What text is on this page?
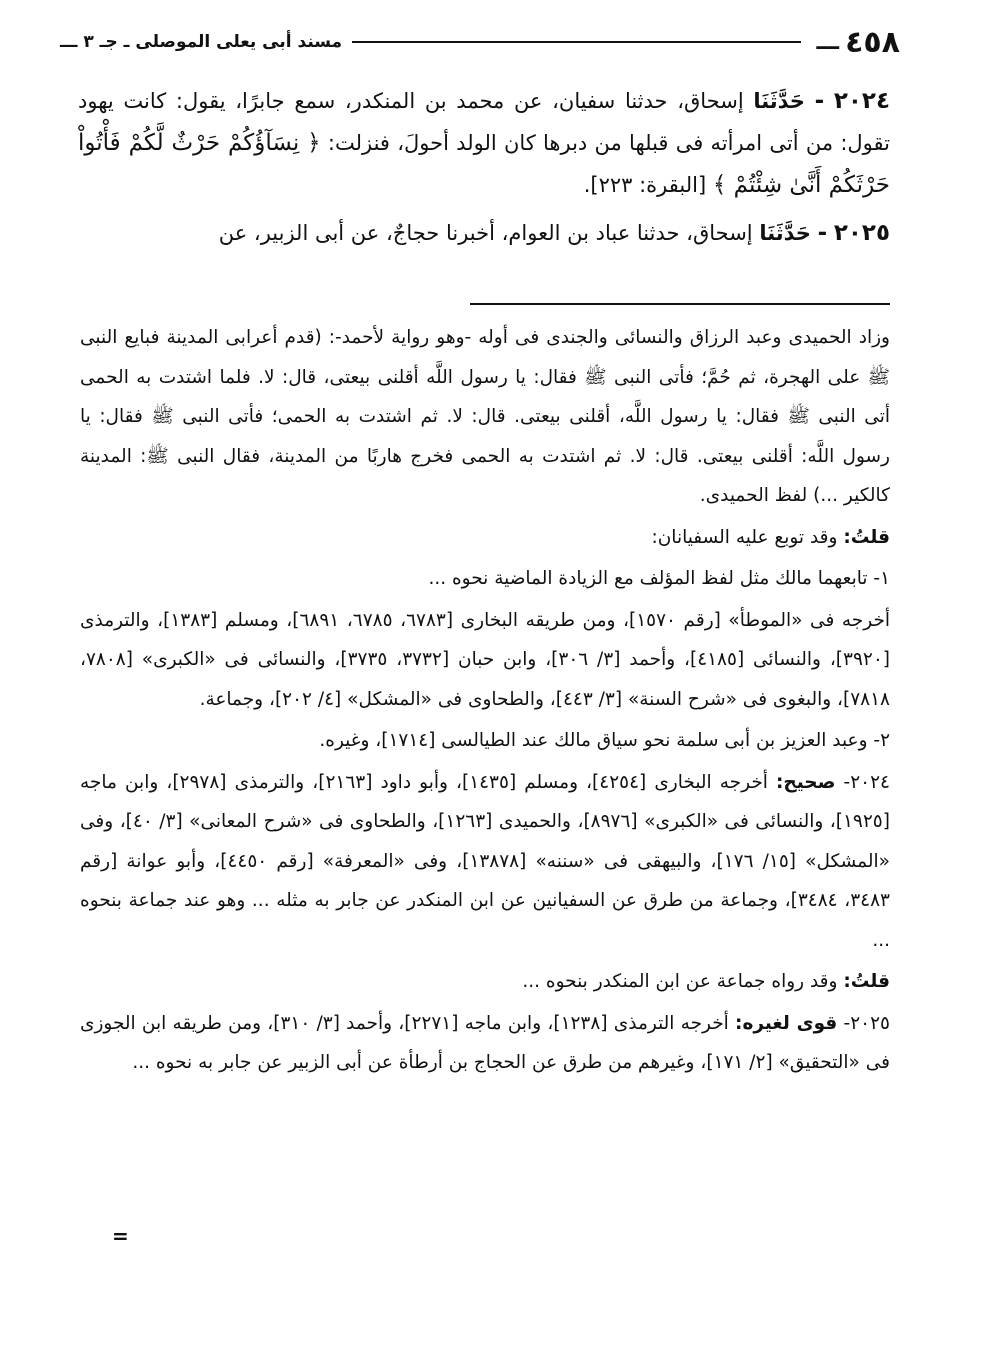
٤٥٨
ـــ
مسند أبى يعلى الموصلى ـ جـ ٣ ـــ

٢٠٢٤ - حَدَّثَنَا إسحاق، حدثنا سفيان، عن محمد بن المنكدر، سمع جابرًا، يقول: كانت يهود تقول: من أتى امرأته فى قبلها من دبرها كان الولد أحولَ، فنزلت: ﴿ نِسَآؤُكُمْ حَرْثٌ لَّكُمْ فَأْتُواْ حَرْثَكُمْ أَنَّىٰ شِئْتُمْ ﴾ [البقرة: ٢٢٣].

٢٠٢٥ - حَدَّثَنَا إسحاق، حدثنا عباد بن العوام، أخبرنا حجاجٌ، عن أبى الزبير، عن

وزاد الحميدى وعبد الرزاق والنسائى والجندى فى أوله -وهو رواية لأحمد-: (قدم أعرابى المدينة فبايع النبى ﷺ على الهجرة، ثم حُمَّ؛ فأتى النبى ﷺ فقال: يا رسول اللَّه أقلنى بيعتى، قال: لا. فلما اشتدت به الحمى أتى النبى ﷺ فقال: يا رسول اللَّه، أقلنى بيعتى. قال: لا. ثم اشتدت به الحمى؛ فأتى النبى ﷺ فقال: يا رسول اللَّه: أقلنى بيعتى. قال: لا. ثم اشتدت به الحمى فخرج هاربًا من المدينة، فقال النبى ﷺ: المدينة كالكير ...) لفظ الحميدى.

قلتُ: وقد توبع عليه السفيانان:

١- تابعهما مالك مثل لفظ المؤلف مع الزيادة الماضية نحوه ...

أخرجه فى «الموطأ» [رقم ١٥٧٠]، ومن طريقه البخارى [٦٧٨٣، ٦٧٨٥، ٦٨٩١]، ومسلم [١٣٨٣]، والترمذى [٣٩٢٠]، والنسائى [٤١٨٥]، وأحمد [٣/ ٣٠٦]، وابن حبان [٣٧٣٢، ٣٧٣٥]، والنسائى فى «الكبرى» [٧٨٠٨، ٧٨١٨]، والبغوى فى «شرح السنة» [٣/ ٤٤٣]، والطحاوى فى «المشكل» [٤/ ٢٠٢]، وجماعة.

٢- وعبد العزيز بن أبى سلمة نحو سياق مالك عند الطيالسى [١٧١٤]، وغيره.

٢٠٢٤- صحيح: أخرجه البخارى [٤٢٥٤]، ومسلم [١٤٣٥]، وأبو داود [٢١٦٣]، والترمذى [٢٩٧٨]، وابن ماجه [١٩٢٥]، والنسائى فى «الكبرى» [٨٩٧٦]، والحميدى [١٢٦٣]، والطحاوى فى «شرح المعانى» [٣/ ٤٠]، وفى «المشكل» [١٥/ ١٧٦]، والبيهقى فى «سننه» [١٣٨٧٨]، وفى «المعرفة» [رقم ٤٤٥٠]، وأبو عوانة [رقم ٣٤٨٣، ٣٤٨٤]، وجماعة من طرق عن السفيانين عن ابن المنكدر عن جابر به مثله ... وهو عند جماعة بنحوه ...

قلتُ: وقد رواه جماعة عن ابن المنكدر بنحوه ...

٢٠٢٥- قوى لغيره: أخرجه الترمذى [١٢٣٨]، وابن ماجه [٢٢٧١]، وأحمد [٣/ ٣١٠]، ومن طريقه ابن الجوزى فى «التحقيق» [٢/ ١٧١]، وغيرهم من طرق عن الحجاج بن أرطأة عن أبى الزبير عن جابر به نحوه ...

=
